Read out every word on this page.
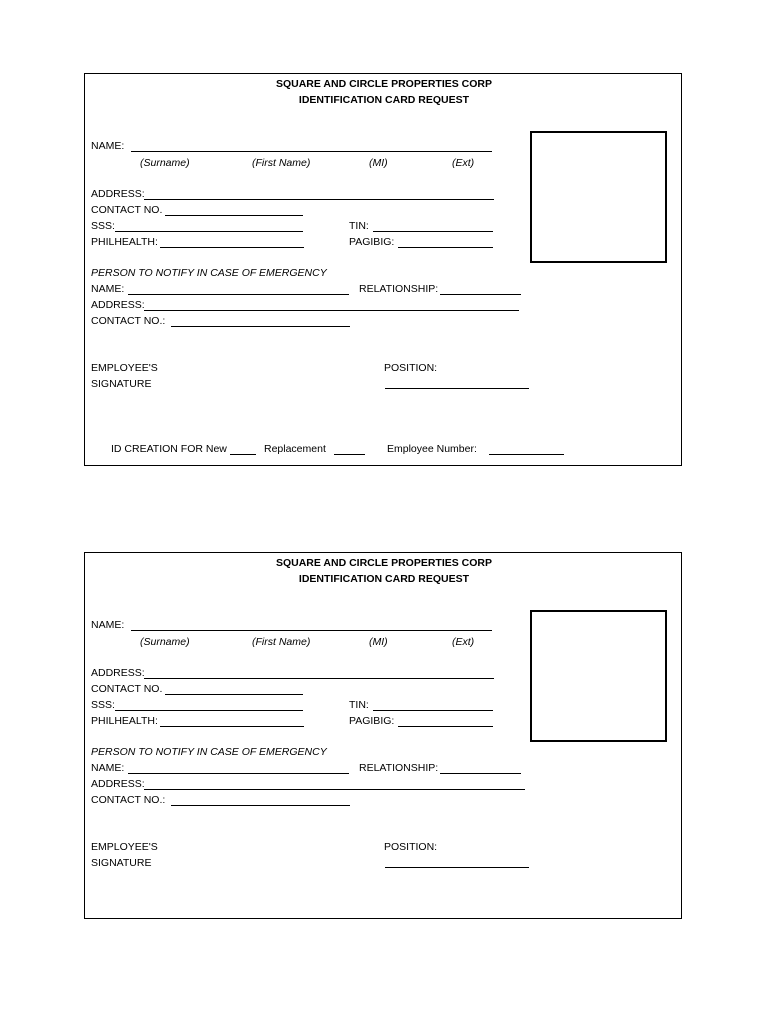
SQUARE AND CIRCLE PROPERTIES CORP
IDENTIFICATION CARD REQUEST
NAME:
(Surname)	(First Name)	(MI)	(Ext)
ADDRESS:
CONTACT NO.
SSS:	TIN:
PHILHEALTH:	PAGIBIG:
PERSON TO NOTIFY IN CASE OF EMERGENCY
NAME:	RELATIONSHIP:
ADDRESS:
CONTACT NO.:
EMPLOYEE'S
SIGNATURE
POSITION:
ID CREATION FOR New	Replacement	Employee Number:
SQUARE AND CIRCLE PROPERTIES CORP
IDENTIFICATION CARD REQUEST
NAME:
(Surname)	(First Name)	(MI)	(Ext)
ADDRESS:
CONTACT NO.
SSS:	TIN:
PHILHEALTH:	PAGIBIG:
PERSON TO NOTIFY IN CASE OF EMERGENCY
NAME:	RELATIONSHIP:
ADDRESS:
CONTACT NO.:
EMPLOYEE'S
SIGNATURE
POSITION:
